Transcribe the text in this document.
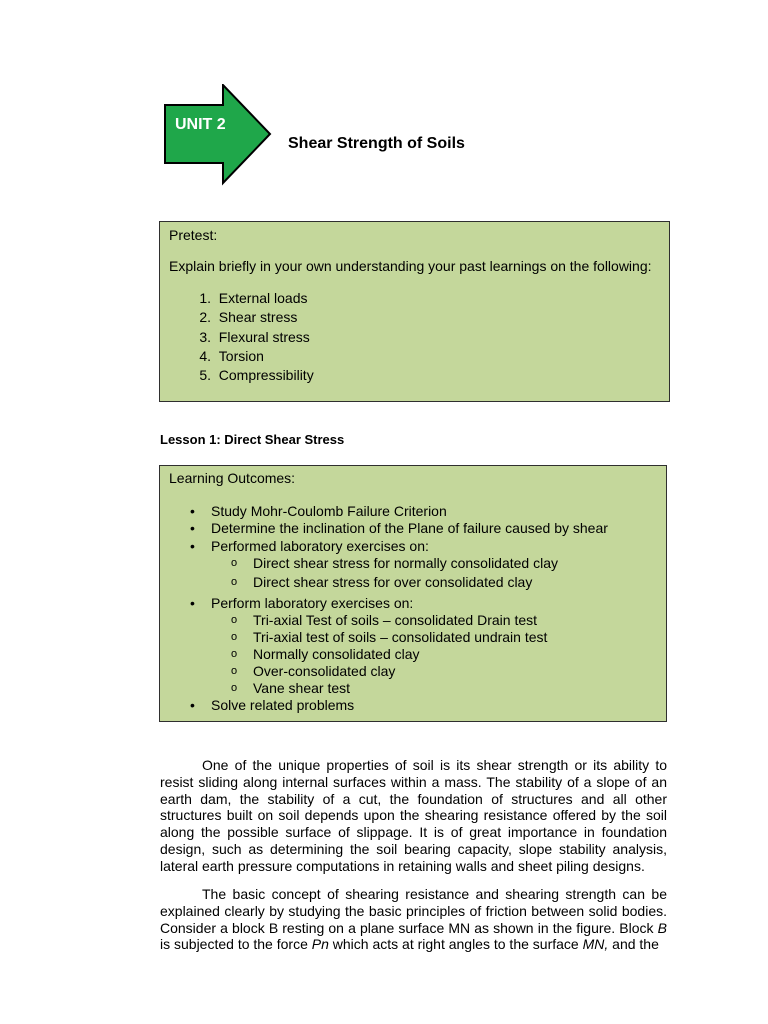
UNIT 2
Shear Strength of Soils
Pretest:
Explain briefly in your own understanding your past learnings on the following:
1. External loads
2. Shear stress
3. Flexural stress
4. Torsion
5. Compressibility
Lesson 1: Direct Shear Stress
Learning Outcomes:
• Study Mohr-Coulomb Failure Criterion
• Determine the inclination of the Plane of failure caused by shear
• Performed laboratory exercises on:
o Direct shear stress for normally consolidated clay
o Direct shear stress for over consolidated clay
• Perform laboratory exercises on:
o Tri-axial Test of soils – consolidated Drain test
o Tri-axial test of soils – consolidated undrain test
o Normally consolidated clay
o Over-consolidated clay
o Vane shear test
• Solve related problems

One of the unique properties of soil is its shear strength or its ability to resist sliding along internal surfaces within a mass. The stability of a slope of an earth dam, the stability of a cut, the foundation of structures and all other structures built on soil depends upon the shearing resistance offered by the soil along the possible surface of slippage. It is of great importance in foundation design, such as determining the soil bearing capacity, slope stability analysis, lateral earth pressure computations in retaining walls and sheet piling designs.

The basic concept of shearing resistance and shearing strength can be explained clearly by studying the basic principles of friction between solid bodies. Consider a block B resting on a plane surface MN as shown in the figure. Block B is subjected to the force Pn which acts at right angles to the surface MN, and the
